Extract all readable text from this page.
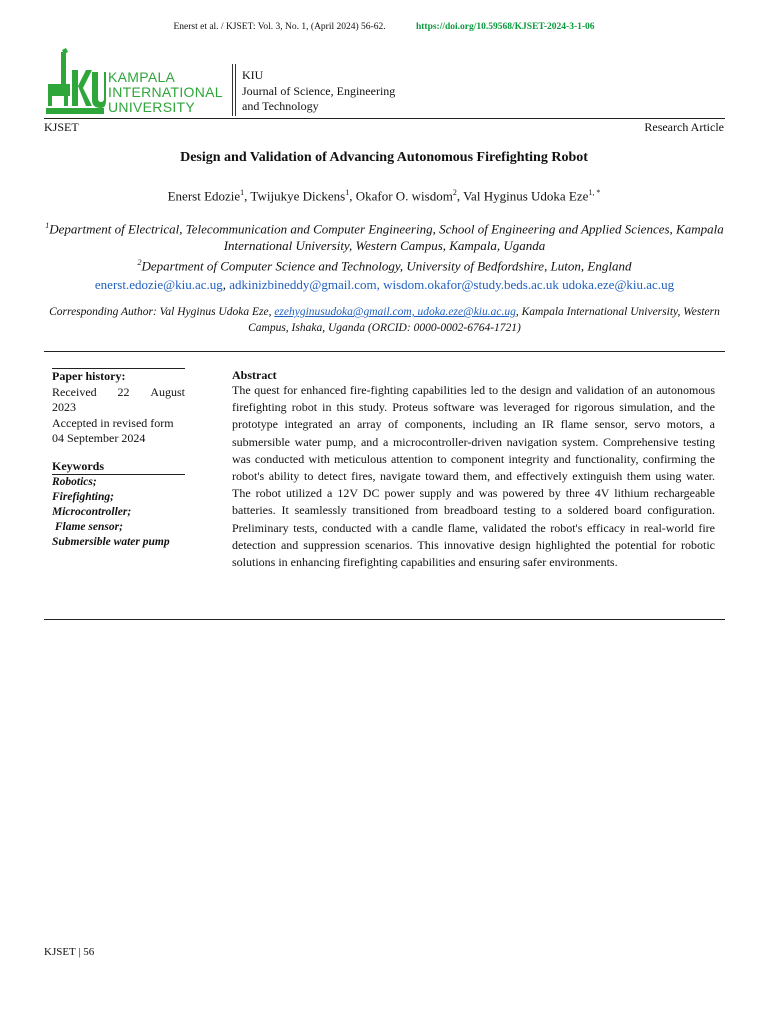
Enerst et al. / KJSET: Vol. 3, No. 1, (April 2024) 56-62.	https://doi.org/10.59568/KJSET-2024-3-1-06
KAMPALA
INTERNATIONAL
UNIVERSITY
KIU
Journal of Science, Engineering
and Technology
KJSET	Research Article
Design and Validation of Advancing Autonomous Firefighting Robot
Enerst Edozie$^1$, Twijukye Dickens$^1$, Okafor O. wisdom$^2$, Val Hyginus Udoka Eze$^{1, *}$
$^1$Department of Electrical, Telecommunication and Computer Engineering, School of Engineering and Applied Sciences, Kampala International University, Western Campus, Kampala, Uganda
$^2$Department of Computer Science and Technology, University of Bedfordshire, Luton, England
enerst.edozie@kiu.ac.ug, adkinizbineddy@gmail.com, wisdom.okafor@study.beds.ac.uk udoka.eze@kiu.ac.ug
Corresponding Author: Val Hyginus Udoka Eze, ezehyginusudoka@gmail.com, udoka.eze@kiu.ac.ug, Kampala International University, Western Campus, Ishaka, Uganda (ORCID: 0000-0002-6764-1721)
Paper history:
Received 22 August
2023
Accepted in revised form
04 September 2024
Keywords
Robotics;
Firefighting;
Microcontroller;
Flame sensor;
Submersible water pump
Abstract
The quest for enhanced fire-fighting capabilities led to the design and validation of an autonomous firefighting robot in this study. Proteus software was leveraged for rigorous simulation, and the prototype integrated an array of components, including an IR flame sensor, servo motors, a submersible water pump, and a microcontroller-driven navigation system. Comprehensive testing was conducted with meticulous attention to component integrity and functionality, confirming the robot's ability to detect fires, navigate toward them, and effectively extinguish them using water. The robot utilized a 12V DC power supply and was powered by three 4V lithium rechargeable batteries. It seamlessly transitioned from breadboard testing to a soldered board configuration. Preliminary tests, conducted with a candle flame, validated the robot's efficacy in real-world fire detection and suppression scenarios. This innovative design highlighted the potential for robotic solutions in enhancing firefighting capabilities and ensuring safer environments.
KJSET | 56
